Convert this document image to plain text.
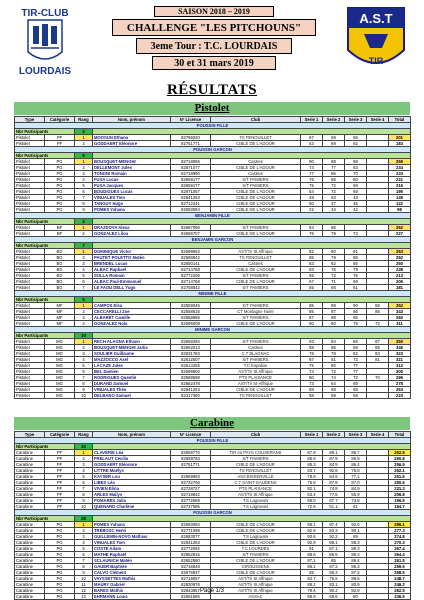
TIR-CLUB
LOURDAIS
SAISON 2018 – 2019
CHALLENGE "LES PITCHOUNS"
3eme Tour : T.C. LOURDAIS
30 et 31 mars 2019
A.S.T
TIR
RÉSULTATS
Pistolet
Type	Catégorie	Rang	Nom, prénom	N° Licence	Club	Serie 1	Serie 2	Serie 3	Serie 4	Total
POUSSIN FILLE										
Nbr Participants		2								
Pistolet	PF	1	MOOSUN Ethana	82766020	TS FENOUILLET	67	69	65		201
Pistolet	PF	2	GODDAERT Eléonore	82751771	CIBLE DE L'ADOUR	53	69	62		183
POUSSIN GARCON										
Nbr Participants		8								
Pistolet	PG	1	BOUSQUET-MENGHI	82718066	Castres	90	88	88		256
Pistolet	PG	2	DELLEMONT Jules	82671077	CIBLE DE L'ADOUR	74	77	83		234
Pistolet	PG	3	TONONI Romain	82718990	Castres	77	86	70		233
Pistolet	PG	4	FUXA Lucas	82659177	S/T PAMIERS	76	65	80		221
Pistolet	PG	5	FUXA Jacques	82659177	S/T PAMIERS	75	72	69		216
Pistolet	PG	6	BOUDIGUES Lucas	82671057	CIBLE DE L'ADOUR	54	72	69		195
Pistolet	PG	7	VINUALES Tom	82641253	CIBLE DE L'ADOUR	49	53	43		145
Pistolet	PG	8	TANGUY Hugo	82712241	CIBLE DE L'ADOUR	50	27	45		122
Pistolet	PG	9	POMES Yahana	82593084	CIBLE DE L'ADOUR	22	34	42		98
BENJAMIN FILLE										
Nbr Participants		2								
Pistolet	BF	1	DRAZDOVA Alexa	82687096	S/T PAMIERS	84	86			252
Pistolet	BF	2	GONZALEZ Lilou	82666707	CIBLE DE L'ADOUR	76	79	73		227
BENJAMIN GARCON										
Nbr Participants		7								
Pistolet	BG	1	DOMINIQUE Victor	82599653	AST/Tir St Affrique	82	80	91		253
Pistolet	BG	2	PAUTET POLETTO Matéo	82588942	TS FENOUILLET	85	79	88		252
Pistolet	BG	3	BRENDEL Lucas	82650141	Castres	83	82	85		250
Pistolet	BG	4	ALBAC Raphael	82714768	CIBLE DE L'ADOUR	83	76	79		238
Pistolet	BG	5	SOLLA Romain	82772206	S/T PAMIERS	65	72	76		213
Pistolet	BG	6	ALBAC Paul-Emmanuel	82714768	CIBLE DE L'ADOUR	67	71	69		206
Pistolet	BG	7	LE FAOU DELL Yugo	82758042	S/T PAMIERS	55	65	61		181
MINIME FILLE										
Nbr Participants		5								
Pistolet	MF	1	CAMPOS Elsa	82559045	S/T PAMIERS	85	89	90	88	352
Pistolet	MF	2	CECCARELLI Zoe	82558616	CT Montagne Noire	85	87	86	85	343
Pistolet	MF	3	ALBARET Camille	82558685	S/T PAMIERS	87	88	85		260
Pistolet	MF	4	GONZALEZ Nola	82595009	CIBLE DE L'ADOUR	80	80	79	72	311
MINIME GARCON										
Nbr Participants		10								
Pistolet	MG	1	RECH ALAGNA Ethann	82669294	S/T PAMIERS	93	84	86	87	350
Pistolet	MG	2	BOUSQUET-MENGHI Jarlis	82662013	Castres	88	85	88	85	346
Pistolet	MG	3	SOULIER Guillaume	82631783	C.T BLAGNAC	78	78	82	83	323
Pistolet	MG	4	MAZZOCCO Axel	82612507	S/T PAMIERS	87	81	72	81	321
Pistolet	MG	5	LACAZE Jules	82613255	T.C Espalion	75	80	77		312
Pistolet	MG	6	BEL Damien	82599600	AST/Tir St Affrique	74	72	77		300
Pistolet	MG	7	RODRIGUES Quentin	82588598	PTS PLAISANCE	80	74	72	70	296
Pistolet	MG	8	DURAND Samuel	82662478	AST/Tir St-Affrique	73	64	69		278
Pistolet	MG	9	VINUALES Théo	82641253	CIBLE DE L'ADOUR	58	68	69		263
Pistolet	MG	10	DELBANO Samuel	82317360	TS FENOUILLET	58	59	58		223
Carabine
Type	Catégorie	Rang	Nom, prénom	N° Licence	Club	Serie 1	Serie 2	Serie 3	Serie 4	Total
POUSSIN FILLE										
Nbr Participants		10								
Carabine	PF	1	CLAVERIE Léa	82659770	TIR en PAYS COUSERANS	87.9	89.1	85.7		262.6
Carabine	PF	2	FRELAUT Cecilia	82659783	S/T PAMIERS	85.9	87.9	86.9		260.8
Carabine	PF	3	GODDAERT Eléonore	82751771	CIBLE DE L'ADOUR	85.3	84.9	86.4		256.5
Carabine	PF	4	LITTRE Maëlys		TS FENOUILLET	83.7	92.6	75.8		252.1
Carabine	PF	5	KAYSER Lou	82669993	ASS BISSERVILLE	78.8	84.6	77.1		251.6
Carabine	PF	6	LIBES Léa	82732706	C.T SAINT-GAUDENS	75.8	87.8	87.0		250.6
Carabine	PF	7	VIVIEN Elina	82728727	PTS PLAISANCE	82.1	74.8	84.9		231.3
Carabine	PF	8	ARLES Mailys	82719842	AST/Tir St Affrique	63.4	77.5	65.9		206.8
Carabine	PF	9	POMARES Julia	82772658	T.S Lagravois	55.0	67.7	73.8		196.5
Carabine	PF	10	QUENARD Charlène	82727585	T.S Lagravois	72.6	51.1	61		184.7
POUSSIN GARCON										
Nbr Participants		28								
Carabine	PG	1	POMES Yahana	82593084	CIBLE DE L'ADOUR	96.1	97.4	92.6		286.1
Carabine	PG	2	TREBOSC Henri	82771098	CIBLE DE L'ADOUR	92.9	93.3	90.1		277.3
Carabine	PG	3	GUILLEMIN-NOVO Mathias	82683077	T.S Lagravois	93.6	92.2	89		274.8
Carabine	PG	4	VINUALES Tom	82641253	CIBLE DE L'ADOUR	92.9	89.1	88.3		270.3
Carabine	PG	5	COSTE Adam	82772092	T.C LOURDES	91	87.1	89.3		267.4
Carabine	PG	6	MATHE Raphaël	82652915	S/T PAMIERS	88.6	86.5	89.3		264.4
Carabine	PG	7	SCLAUNICH Matéo	82652580	CIBLE DE L'ADOUR	87.1	85	89.4		261.5
Carabine	PG	8	GAUER Baptiste	82716848	GIROUSSENS	86.1	87.2	86.3		259.6
Carabine	PG	9	CALVO Clément	82675937	CIBLE DE L'ADOUR	85	86.3	87.2		258.5
Carabine	PG	10	VAYSSETTES Mathis	82719057	AST/Tir St Affrique	84.7	75.5	88.5		248.7
Carabine	PG	11	MAURY Gabriel	82630976	AST/Tir St Affrique	85.2	83.1	80.9		249.2
Carabine	PG	12	BARES Mathis	82643857	AST/Tir St Affrique	79.4	90.2	82.9		252.5
Carabine	PG	13	EHRMANN Louis	82651885	ASSAC	86.9	69.6	80		236.5
Page 1/3
